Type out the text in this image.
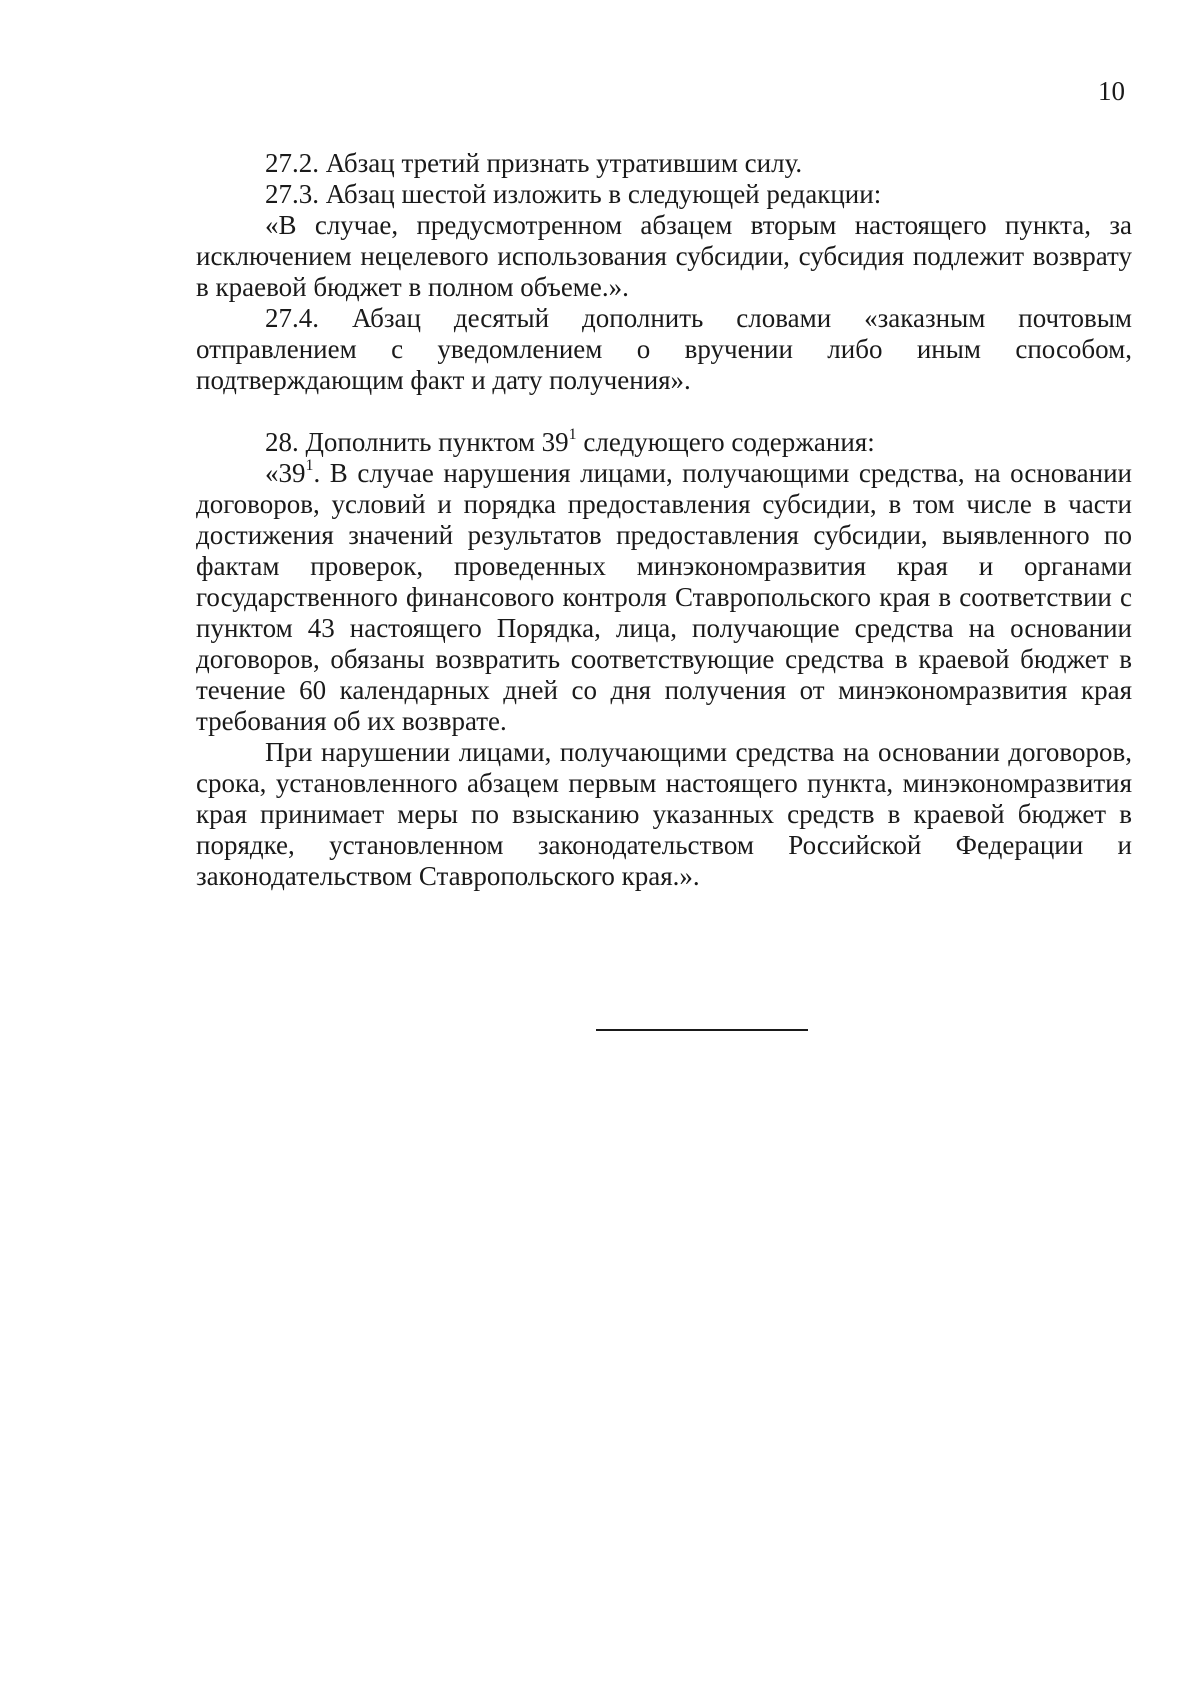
10

27.2. Абзац третий признать утратившим силу.

27.3. Абзац шестой изложить в следующей редакции:

«В случае, предусмотренном абзацем вторым настоящего пункта, за исключением нецелевого использования субсидии, субсидия подлежит возврату в краевой бюджет в полном объеме.».

27.4. Абзац десятый дополнить словами «заказным почтовым отправлением с уведомлением о вручении либо иным способом, подтверждающим факт и дату получения».

28. Дополнить пунктом $39^1$ следующего содержания:

«$39^1$. В случае нарушения лицами, получающими средства, на основании договоров, условий и порядка предоставления субсидии, в том числе в части достижения значений результатов предоставления субсидии, выявленного по фактам проверок, проведенных минэкономразвития края и органами государственного финансового контроля Ставропольского края в соответствии с пунктом 43 настоящего Порядка, лица, получающие средства на основании договоров, обязаны возвратить соответствующие средства в краевой бюджет в течение 60 календарных дней со дня получения от минэкономразвития края требования об их возврате.

При нарушении лицами, получающими средства на основании договоров, срока, установленного абзацем первым настоящего пункта, минэкономразвития края принимает меры по взысканию указанных средств в краевой бюджет в порядке, установленном законодательством Российской Федерации и законодательством Ставропольского края.».
